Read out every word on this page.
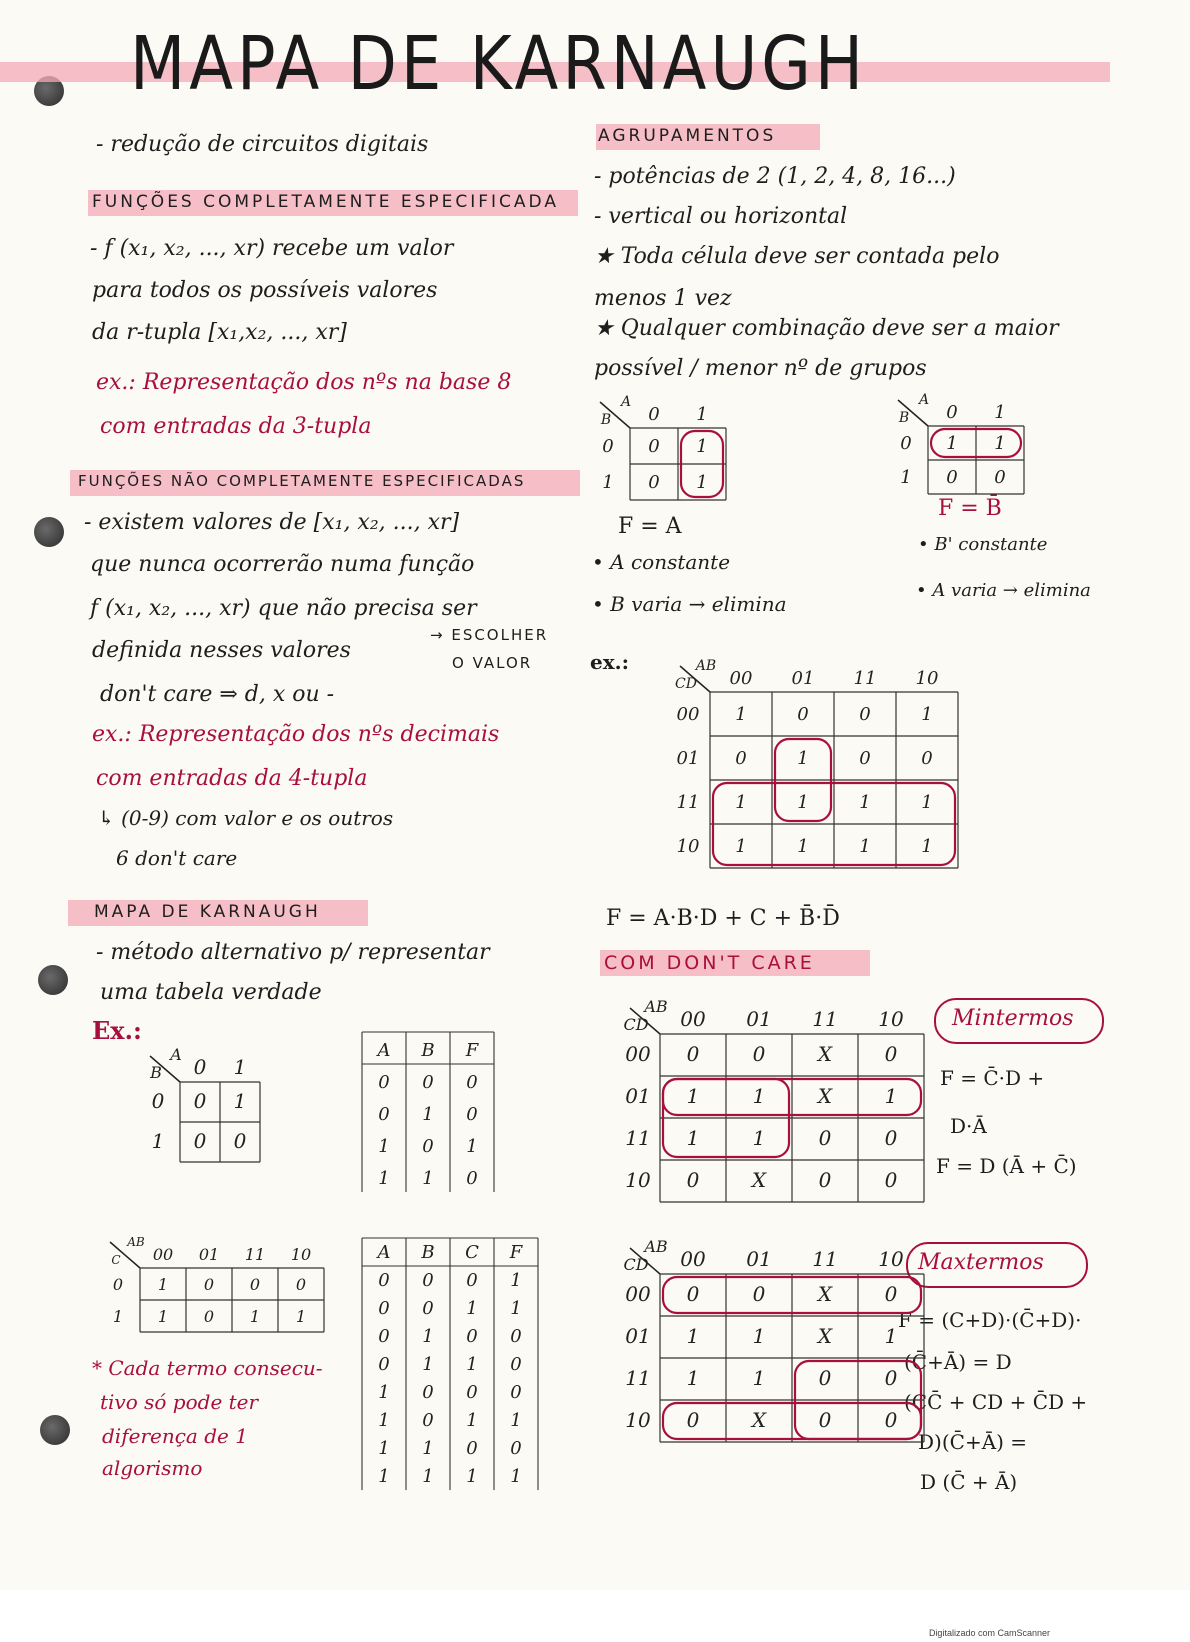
Digitalizado com CamScanner
MAPA DE KARNAUGH
- redução de circuitos digitais
FUNÇÕES COMPLETAMENTE ESPECIFICADA
- f (x₁, x₂, ..., xr) recebe um valor
para todos os possíveis valores
da r-tupla [x₁,x₂, ..., xr]
ex.: Representação dos nºs na base 8
com entradas da 3-tupla
FUNÇÕES NÃO COMPLETAMENTE ESPECIFICADAS
- existem valores de [x₁, x₂, ..., xr]
que nunca ocorrerão numa função
f (x₁, x₂, ..., xr) que não precisa ser
definida nesses valores
→ ESCOLHER
O VALOR
don't care ⇒ d, x ou -
ex.: Representação dos nºs decimais
com entradas da 4-tupla
↳ (0-9) com valor e os outros
6 don't care
MAPA DE KARNAUGH
- método alternativo p/ representar
uma tabela verdade
Ex.:
* Cada termo consecu-
tivo só pode ter
diferença de 1
algorismo
AGRUPAMENTOS
- potências de 2 (1, 2, 4, 8, 16...)
- vertical ou horizontal
★ Toda célula deve ser contada pelo
menos 1 vez
★ Qualquer combinação deve ser a maior
possível / menor nº de grupos
F = A
• A constante
• B varia → elimina
F = B̄
• B' constante
• A varia → elimina
ex.:
F = A·B·D + C + B̄·D̄
COM DON'T CARE
Mintermos
F = C̄·D +
D·Ā
F = D (Ā + C̄)
Maxtermos
F = (C+D)·(C̄+D)·
(C̄+Ā) = D
(CC̄ + CD + C̄D +
D)(C̄+Ā) =
D (C̄ + Ā)
B
A
0 1
0
1
0 1
0 0
B
A
0 1
0
1
0 1
0 1
B
A
0 1
0
1
1 1
0 0
C
AB
00 01 11 10
0
1
1 0 0 0
1 0 1 1
CD
AB
00 01 11 10
00
01
11
10
1	0	0	1
0	1	0	0
1	1	1	1
1	1	1	1
CD
AB
00 01 11 10
00
01
11
10
0	0	X	0
1	1	X	1
1	1	0	0
0	X	0	0
CD
AB
00 01 11 10
00
01
11
10
0	0	X	0
1	1	X	1
1	1	0	0
0	X	0	0
A B F
0 0 0
0 1 0
1 0 1
1 1 0
A B C F
0 0 0 1
0 0 1 1
0 1 0 0
0 1 1 0
1 0 0 0
1 0 1 1
1 1 0 0
1 1 1 1
